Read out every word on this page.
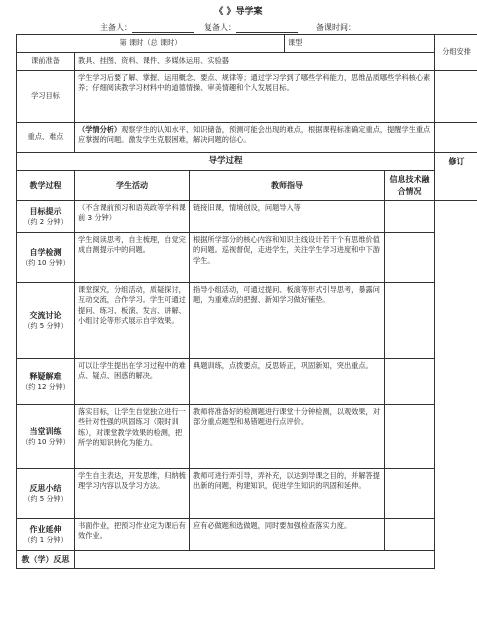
《 》导学案
主备人：	复备人：	备课时间：
第 课时（总 课时）			课型		分组安排
课前准备	教具、挂图、资料、课件、多媒体运用、实验器				
学习目标	学生学习后要了解、掌握、运用概念、要点、规律等；通过学习学到了哪些学科能力，思维品质哪些学科核心素养；仔细阅读教学习材料中的道德情操、审美情趣和个人发展目标。				
重点、难点	（学情分析）观察学生的认知水平、知识储备，预测可能会出现的难点，根据课程标准确定重点，提醒学生重点应掌握的问题。激发学生克服困难，解决问题的信心。				
导学过程					修订
教学过程	学生活动	教师指导		信息技术融合情况	

目标提示
（约 2 分钟）	（不含课前预习和语英政等学科课前 3 分钟）	链接旧课，情境创设，问题导入等			

自学检测
（约 10 分钟）	学生阅读思考，自主梳理，自觉完成自测提示中的问题。	根据所学部分的核心内容和知识主线设计若干个有思维价值的问题。巡视督促，走进学生，关注学生学习进度和中下游学生。			

交流讨论
（约 5 分钟）	课堂探究，分组活动，质疑探讨，互动交流，合作学习。学生可通过提问、练习、板演、发言、讲解、小组讨论等形式展示自学效果。	指导小组活动，可通过提问、板演等形式引导思考，暴露问题，为重难点的把握、新知学习做好铺垫。			

释疑解难
（约 12 分钟）	可以让学生提出在学习过程中的难点、疑点、困惑的解决。	典题训练，点拨要点，反思矫正，巩固新知，突出重点。			

当堂训练
（约 10 分钟）	落实目标，让学生自觉独立进行一些针对性强的巩固练习（限时训练），对课堂教学效果的检测，把所学的知识转化为能力。	教师将准备好的检测题进行课堂十分钟检测，以观效果，对部分重点题型和易错题进行点评价。			

反思小结
（约 5 分钟）	学生自主表达，开发思维，归纳梳理学习内容以及学习方法。	教师可进行弄引导，弄补充，以达到导课之目的，并解答提出新的问题，构建知识，促进学生知识的巩固和延伸。			

作业延伸
（约 1 分钟）	书面作业，把预习作业定为课后有效作业。	应有必做题和选做题，同时要加强检查落实力度。			
教（学）反思					
